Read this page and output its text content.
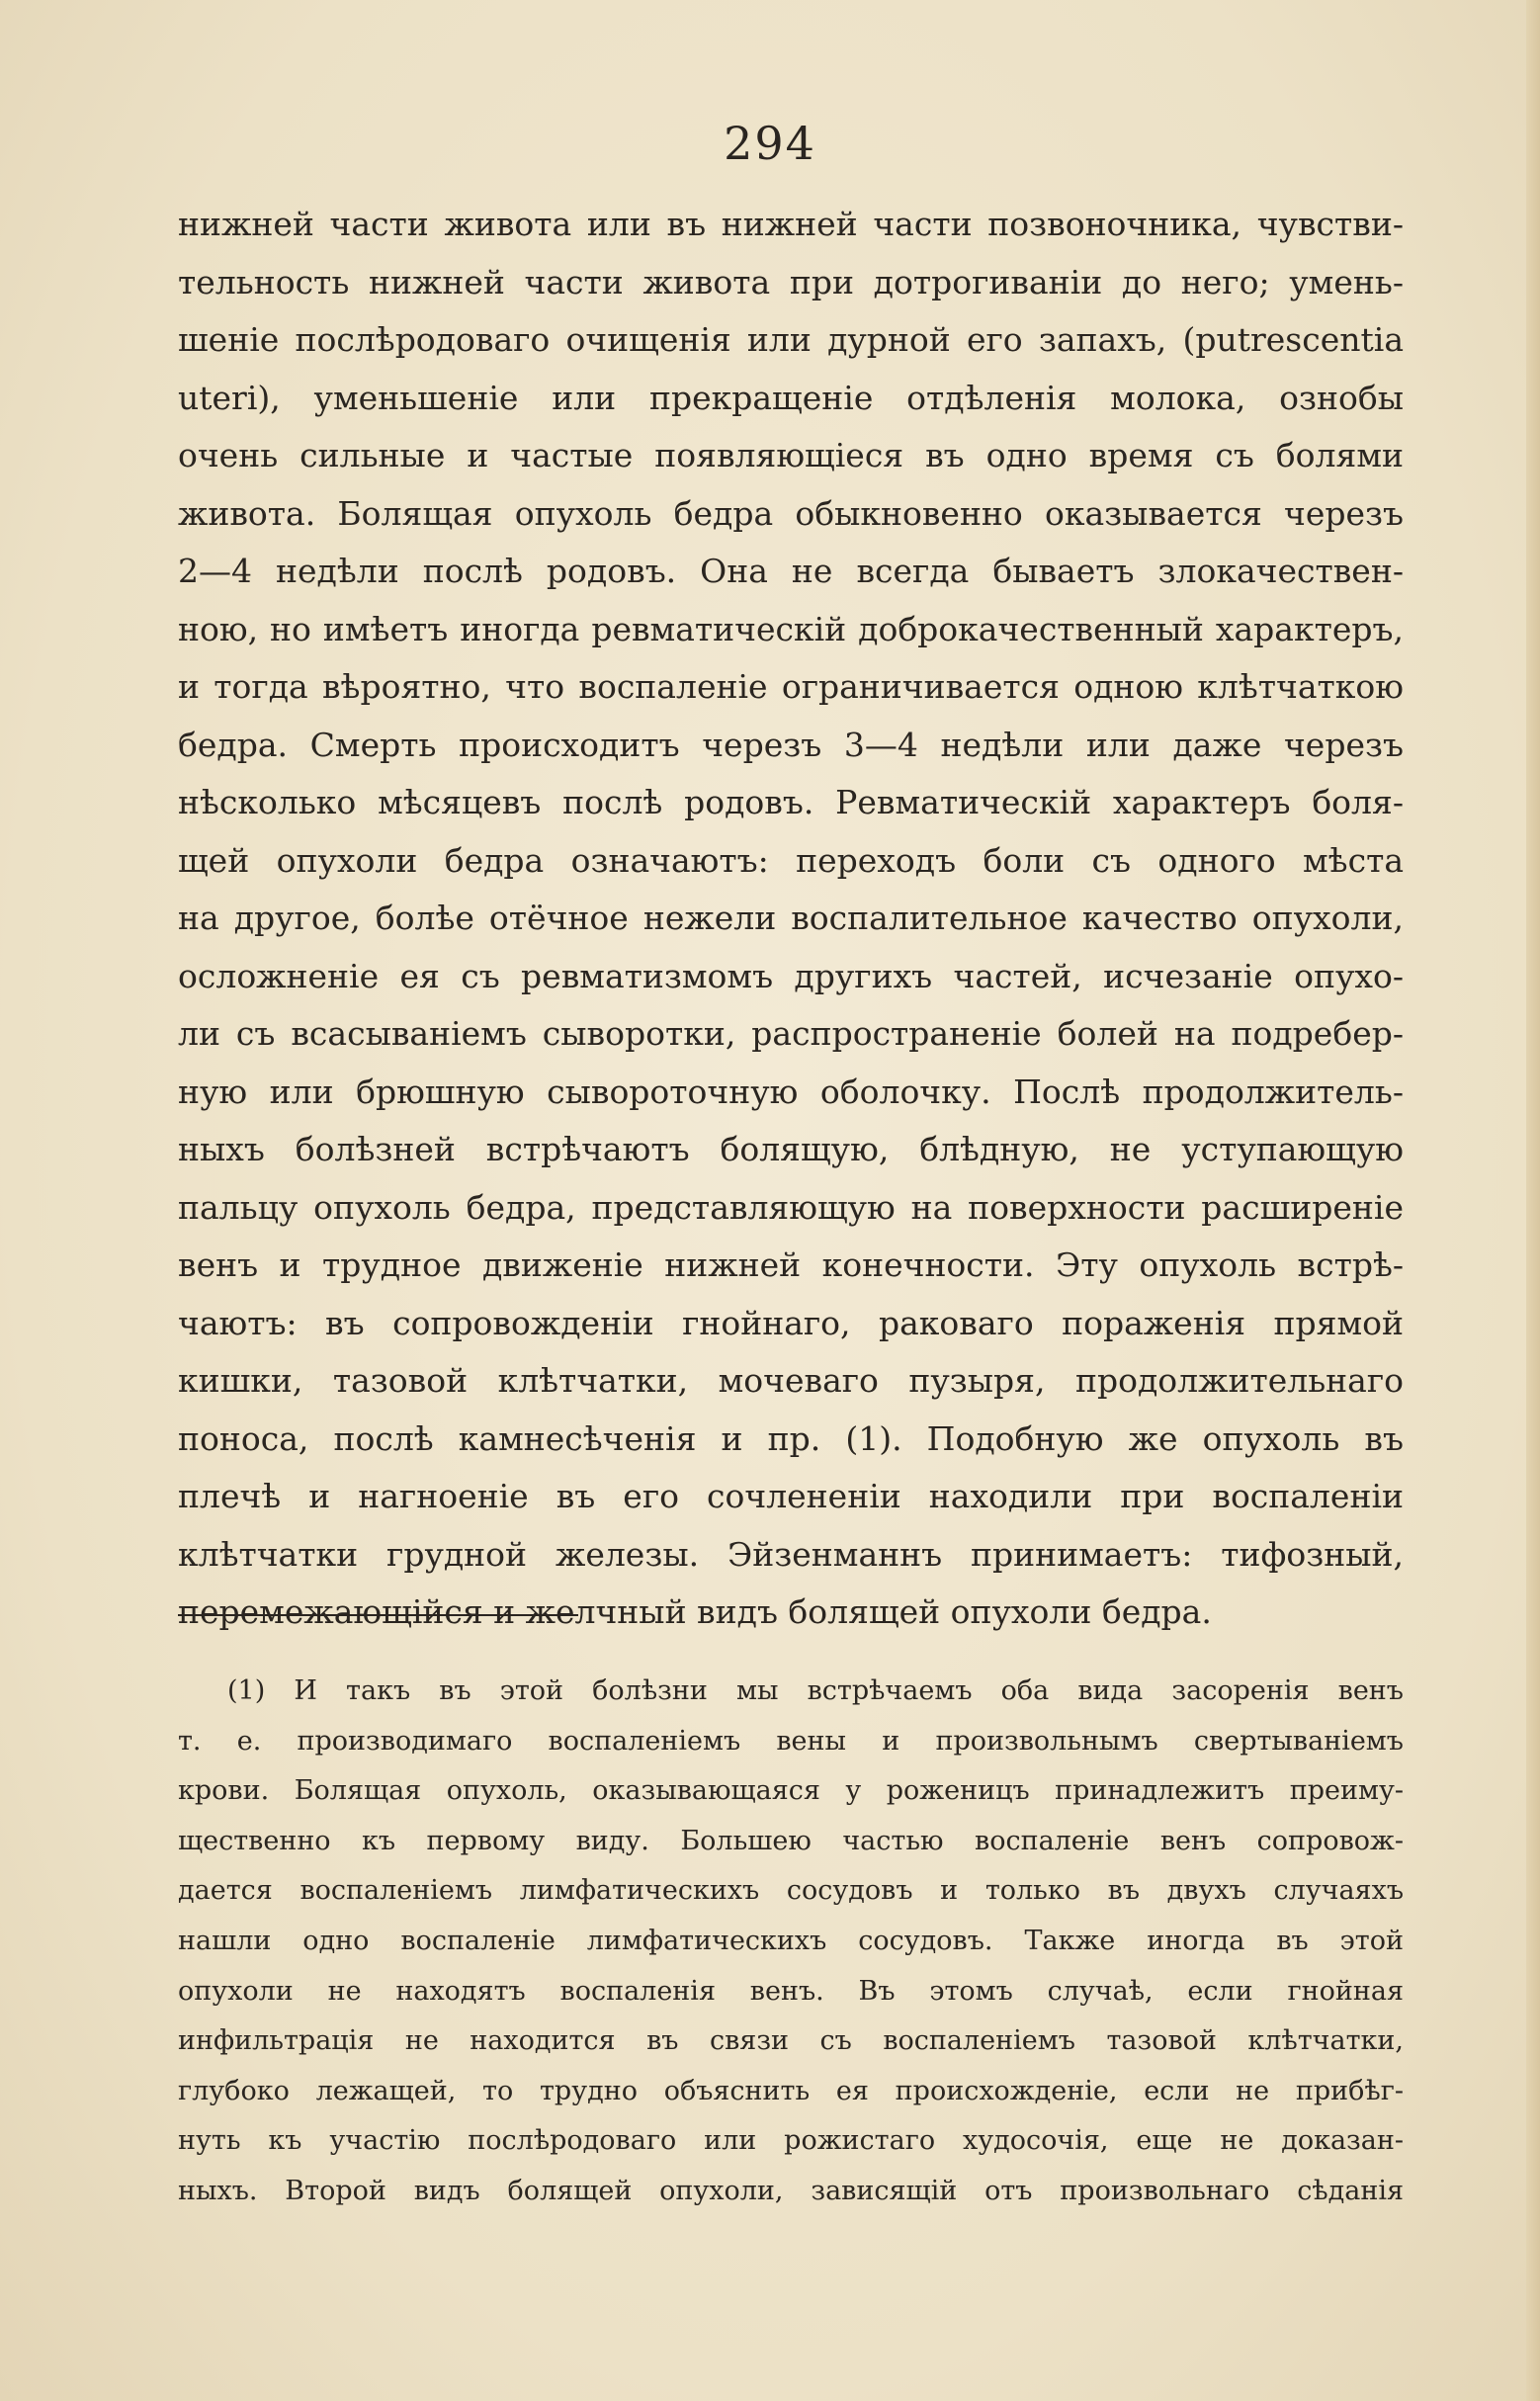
294
нижней части живота или въ нижней части позвоночника, чувстви-
тельность нижней части живота при дотрогиваніи до него; умень-
шеніе послѣродоваго очищенія или дурной его запахъ, (putrescentia
uteri), уменьшеніе или прекращеніе отдѣленія молока, ознобы
очень сильные и частые появляющіеся въ одно время съ болями
живота. Болящая опухоль бедра обыкновенно оказывается черезъ
2—4 недѣли послѣ родовъ. Она не всегда бываетъ злокачествен-
ною, но имѣетъ иногда ревматическій доброкачественный характеръ,
и тогда вѣроятно, что воспаленіе ограничивается одною клѣтчаткою
бедра. Смерть происходитъ черезъ 3—4 недѣли или даже черезъ
нѣсколько мѣсяцевъ послѣ родовъ. Ревматическій характеръ боля-
щей опухоли бедра означаютъ: переходъ боли съ одного мѣста
на другое, болѣе отёчное нежели воспалительное качество опухоли,
осложненіе ея съ ревматизмомъ другихъ частей, исчезаніе опухо-
ли съ всасываніемъ сыворотки, распространеніе болей на подребер-
ную или брюшную сывороточную оболочку. Послѣ продолжитель-
ныхъ болѣзней встрѣчаютъ болящую, блѣдную, не уступающую
пальцу опухоль бедра, представляющую на поверхности расширеніе
венъ и трудное движеніе нижней конечности. Эту опухоль встрѣ-
чаютъ: въ сопровожденіи гнойнаго, раковаго пораженія прямой
кишки, тазовой клѣтчатки, мочеваго пузыря, продолжительнаго
поноса, послѣ камнесѣченія и пр. (1). Подобную же опухоль въ
плечѣ и нагноеніе въ его сочлененіи находили при воспаленіи
клѣтчатки грудной железы. Эйзенманнъ принимаетъ: тифозный,
перемежающійся и желчный видъ болящей опухоли бедра.
(1) И такъ въ этой болѣзни мы встрѣчаемъ оба вида засоренія венъ
т. е. производимаго воспаленіемъ вены и произвольнымъ свертываніемъ
крови. Болящая опухоль, оказывающаяся у роженицъ принадлежитъ преиму-
щественно къ первому виду. Большею частью воспаленіе венъ сопровож-
дается воспаленіемъ лимфатическихъ сосудовъ и только въ двухъ случаяхъ
нашли одно воспаленіе лимфатическихъ сосудовъ. Также иногда въ этой
опухоли не находятъ воспаленія венъ. Въ этомъ случаѣ, если гнойная
инфильтрація не находится въ связи съ воспаленіемъ тазовой клѣтчатки,
глубоко лежащей, то трудно объяснить ея происхожденіе, если не прибѣг-
нуть къ участію послѣродоваго или рожистаго худосочія, еще не доказан-
ныхъ. Второй видъ болящей опухоли, зависящій отъ произвольнаго сѣданія
